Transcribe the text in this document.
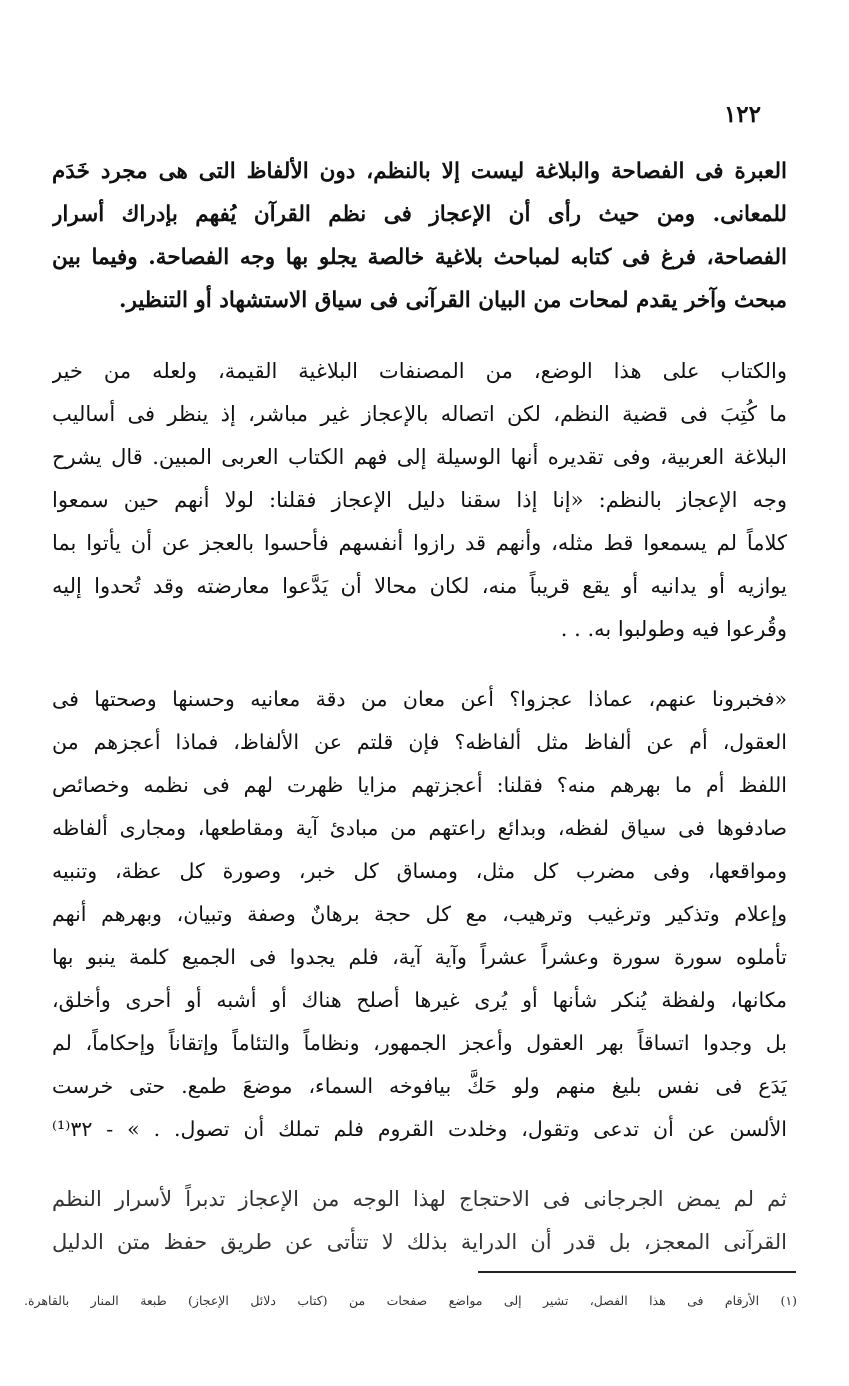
١٢٢
العبرة فى الفصاحة والبلاغة ليست إلا بالنظم، دون الألفاظ التى هى مجرد خَدَم
للمعانى. ومن حيث رأى أن الإعجاز فى نظم القرآن يُفهم بإدراك أسرار
الفصاحة، فرغ فى كتابه لمباحث بلاغية خالصة يجلو بها وجه الفصاحة. وفيما بين
مبحث وآخر يقدم لمحات من البيان القرآنى فى سياق الاستشهاد أو التنظير.
والكتاب على هذا الوضع، من المصنفات البلاغية القيمة، ولعله من خير
ما كُتِبَ فى قضية النظم، لكن اتصاله بالإعجاز غير مباشر، إذ ينظر فى أساليب
البلاغة العربية، وفى تقديره أنها الوسيلة إلى فهم الكتاب العربى المبين. قال يشرح
وجه الإعجاز بالنظم: «إنا إذا سقنا دليل الإعجاز فقلنا: لولا أنهم حين سمعوا
كلاماً لم يسمعوا قط مثله، وأنهم قد رازوا أنفسهم فأحسوا بالعجز عن أن يأتوا بما
يوازيه أو يدانيه أو يقع قريباً منه، لكان محالا أن يَدَّعوا معارضته وقد تُحدوا إليه
وقُرعوا فيه وطولبوا به. . .
«فخبرونا عنهم، عماذا عجزوا؟ أعن معان من دقة معانيه وحسنها وصحتها فى
العقول، أم عن ألفاظ مثل ألفاظه؟ فإن قلتم عن الألفاظ، فماذا أعجزهم من
اللفظ أم ما بهرهم منه؟ فقلنا: أعجزتهم مزايا ظهرت لهم فى نظمه وخصائص
صادفوها فى سياق لفظه، وبدائع راعتهم من مبادئ آية ومقاطعها، ومجارى ألفاظه
ومواقعها، وفى مضرب كل مثل، ومساق كل خبر، وصورة كل عظة، وتنبيه
وإعلام وتذكير وترغيب وترهيب، مع كل حجة برهانٌ وصفة وتبيان، وبهرهم أنهم
تأملوه سورة سورة وعشراً عشراً وآية آية، فلم يجدوا فى الجميع كلمة ينبو بها
مكانها، ولفظة يُنكر شأنها أو يُرى غيرها أصلح هناك أو أشبه أو أحرى وأخلق،
بل وجدوا اتساقاً بهر العقول وأعجز الجمهور، ونظاماً والتئاماً وإتقاناً وإحكاماً، لم
يَدَع فى نفس بليغ منهم ولو حَكَّ بيافوخه السماء، موضعَ طمع. حتى خرست
الألسن عن أن تدعى وتقول، وخلدت القروم فلم تملك أن تصول. . » - ٣٢⁽¹⁾
ثم لم يمض الجرجانى فى الاحتجاج لهذا الوجه من الإعجاز تدبراً لأسرار النظم
القرآنى المعجز، بل قدر أن الدراية بذلك لا تتأتى عن طريق حفظ متن الدليل
(١) الأرقام فى هذا الفصل، تشير إلى مواضع صفحات من (كتاب دلائل الإعجاز) طبعة المنار بالقاهرة.
